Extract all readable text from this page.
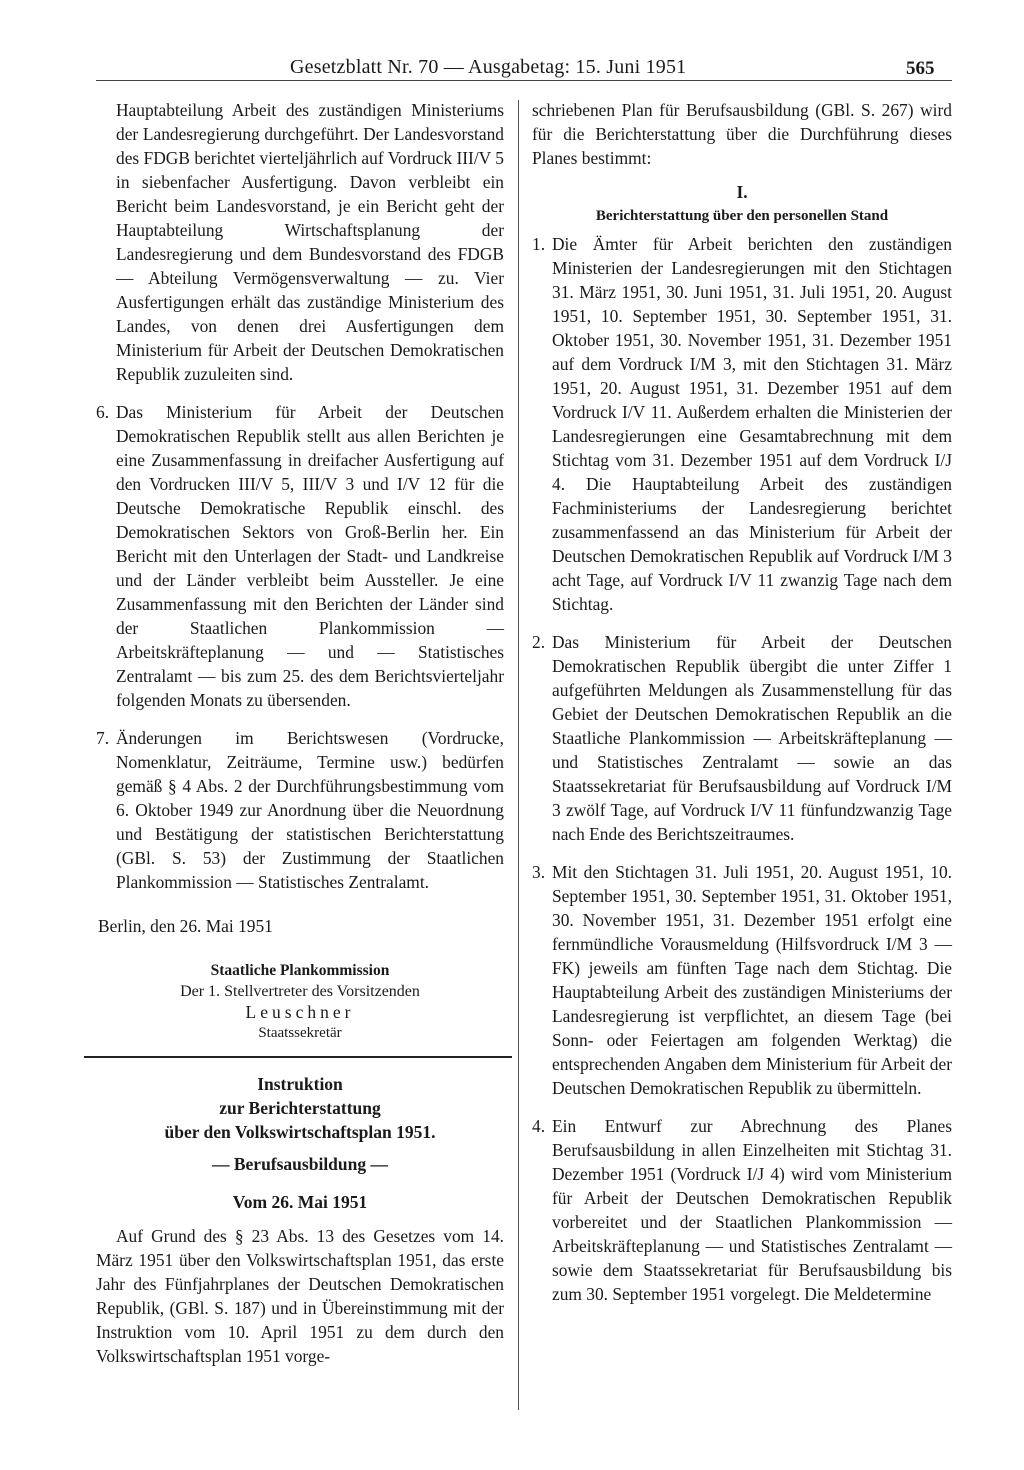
Gesetzblatt Nr. 70 — Ausgabetag: 15. Juni 1951	565

Hauptabteilung Arbeit des zuständigen Ministeriums der Landesregierung durchgeführt. Der Landesvorstand des FDGB berichtet vierteljährlich auf Vordruck III/V 5 in siebenfacher Ausfertigung. Davon verbleibt ein Bericht beim Landesvorstand, je ein Bericht geht der Hauptabteilung Wirtschaftsplanung der Landesregierung und dem Bundesvorstand des FDGB — Abteilung Vermögensverwaltung — zu. Vier Ausfertigungen erhält das zuständige Ministerium des Landes, von denen drei Ausfertigungen dem Ministerium für Arbeit der Deutschen Demokratischen Republik zuzuleiten sind.

6. Das Ministerium für Arbeit der Deutschen Demokratischen Republik stellt aus allen Berichten je eine Zusammenfassung in dreifacher Ausfertigung auf den Vordrucken III/V 5, III/V 3 und I/V 12 für die Deutsche Demokratische Republik einschl. des Demokratischen Sektors von Groß-Berlin her. Ein Bericht mit den Unterlagen der Stadt- und Landkreise und der Länder verbleibt beim Aussteller. Je eine Zusammenfassung mit den Berichten der Länder sind der Staatlichen Plankommission — Arbeitskräfteplanung — und — Statistisches Zentralamt — bis zum 25. des dem Berichtsvierteljahr folgenden Monats zu übersenden.

7. Änderungen im Berichtswesen (Vordrucke, Nomenklatur, Zeiträume, Termine usw.) bedürfen gemäß § 4 Abs. 2 der Durchführungsbestimmung vom 6. Oktober 1949 zur Anordnung über die Neuordnung und Bestätigung der statistischen Berichterstattung (GBl. S. 53) der Zustimmung der Staatlichen Plankommission — Statistisches Zentralamt.

Berlin, den 26. Mai 1951

Staatliche Plankommission
Der 1. Stellvertreter des Vorsitzenden
Leuschner
Staatssekretär
Instruktion
zur Berichterstattung
über den Volkswirtschaftsplan 1951.
— Berufsausbildung —
Vom 26. Mai 1951

Auf Grund des § 23 Abs. 13 des Gesetzes vom 14. März 1951 über den Volkswirtschaftsplan 1951, das erste Jahr des Fünfjahrplanes der Deutschen Demokratischen Republik, (GBl. S. 187) und in Übereinstimmung mit der Instruktion vom 10. April 1951 zu dem durch den Volkswirtschaftsplan 1951 vorge-

schriebenen Plan für Berufsausbildung (GBl. S. 267) wird für die Berichterstattung über die Durchführung dieses Planes bestimmt:

I.
Berichterstattung über den personellen Stand
1. Die Ämter für Arbeit berichten den zuständigen Ministerien der Landesregierungen mit den Stichtagen 31. März 1951, 30. Juni 1951, 31. Juli 1951, 20. August 1951, 10. September 1951, 30. September 1951, 31. Oktober 1951, 30. November 1951, 31. Dezember 1951 auf dem Vordruck I/M 3, mit den Stichtagen 31. März 1951, 20. August 1951, 31. Dezember 1951 auf dem Vordruck I/V 11. Außerdem erhalten die Ministerien der Landesregierungen eine Gesamtabrechnung mit dem Stichtag vom 31. Dezember 1951 auf dem Vordruck I/J 4. Die Hauptabteilung Arbeit des zuständigen Fachministeriums der Landesregierung berichtet zusammenfassend an das Ministerium für Arbeit der Deutschen Demokratischen Republik auf Vordruck I/M 3 acht Tage, auf Vordruck I/V 11 zwanzig Tage nach dem Stichtag.

2. Das Ministerium für Arbeit der Deutschen Demokratischen Republik übergibt die unter Ziffer 1 aufgeführten Meldungen als Zusammenstellung für das Gebiet der Deutschen Demokratischen Republik an die Staatliche Plankommission — Arbeitskräfteplanung — und Statistisches Zentralamt — sowie an das Staatssekretariat für Berufsausbildung auf Vordruck I/M 3 zwölf Tage, auf Vordruck I/V 11 fünfundzwanzig Tage nach Ende des Berichtszeitraumes.

3. Mit den Stichtagen 31. Juli 1951, 20. August 1951, 10. September 1951, 30. September 1951, 31. Oktober 1951, 30. November 1951, 31. Dezember 1951 erfolgt eine fernmündliche Vorausmeldung (Hilfsvordruck I/M 3 — FK) jeweils am fünften Tage nach dem Stichtag. Die Hauptabteilung Arbeit des zuständigen Ministeriums der Landesregierung ist verpflichtet, an diesem Tage (bei Sonn- oder Feiertagen am folgenden Werktag) die entsprechenden Angaben dem Ministerium für Arbeit der Deutschen Demokratischen Republik zu übermitteln.

4. Ein Entwurf zur Abrechnung des Planes Berufsausbildung in allen Einzelheiten mit Stichtag 31. Dezember 1951 (Vordruck I/J 4) wird vom Ministerium für Arbeit der Deutschen Demokratischen Republik vorbereitet und der Staatlichen Plankommission — Arbeitskräfteplanung — und Statistisches Zentralamt — sowie dem Staatssekretariat für Berufsausbildung bis zum 30. September 1951 vorgelegt. Die Meldetermine
